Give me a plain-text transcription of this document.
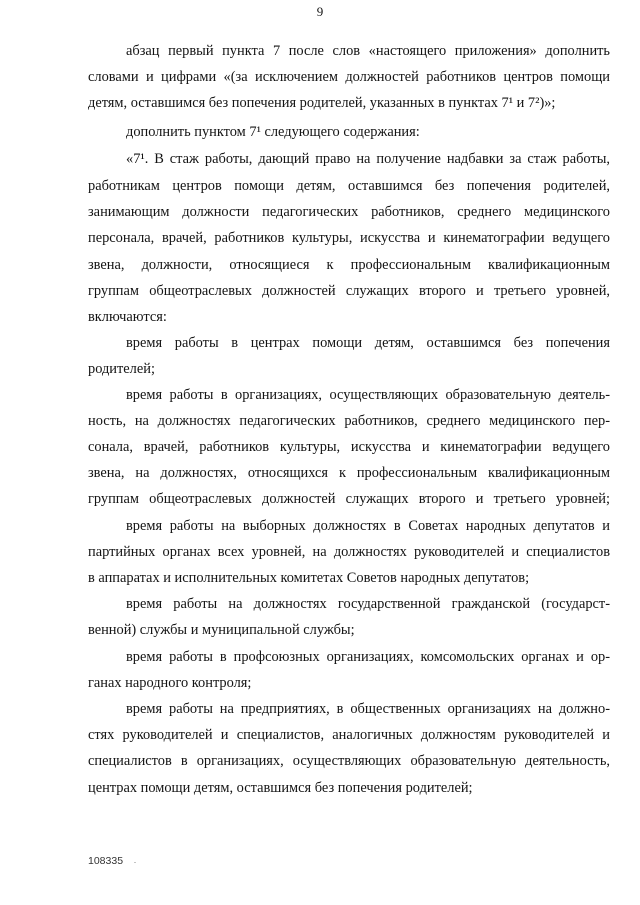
9
абзац первый пункта 7 после слов «настоящего приложения» дополнить
словами и цифрами «(за исключением должностей работников центров помощи
детям, оставшимся без попечения родителей, указанных в пунктах 7¹ и 7²)»;
дополнить пунктом 7¹ следующего содержания:
«7¹. В стаж работы, дающий право на получение надбавки за стаж работы,
работникам центров помощи детям, оставшимся без попечения родителей,
занимающим должности педагогических работников, среднего медицинского
персонала, врачей, работников культуры, искусства и кинематографии ведущего
звена, должности, относящиеся к профессиональным квалификационным
группам общеотраслевых должностей служащих второго и третьего уровней,
включаются:
время работы в центрах помощи детям, оставшимся без попечения
родителей;
время работы в организациях, осуществляющих образовательную деятель-
ность, на должностях педагогических работников, среднего медицинского пер-
сонала, врачей, работников культуры, искусства и кинематографии ведущего
звена, на должностях, относящихся к профессиональным квалификационным
группам общеотраслевых должностей служащих второго и третьего уровней;
время работы на выборных должностях в Советах народных депутатов и
партийных органах всех уровней, на должностях руководителей и специалистов
в аппаратах и исполнительных комитетах Советов народных депутатов;
время работы на должностях государственной гражданской (государст-
венной) службы и муниципальной службы;
время работы в профсоюзных организациях, комсомольских органах и ор-
ганах народного контроля;
время работы на предприятиях, в общественных организациях на должно-
стях руководителей и специалистов, аналогичных должностям руководителей и
специалистов в организациях, осуществляющих образовательную деятельность,
центрах помощи детям, оставшимся без попечения родителей;
108335 .
